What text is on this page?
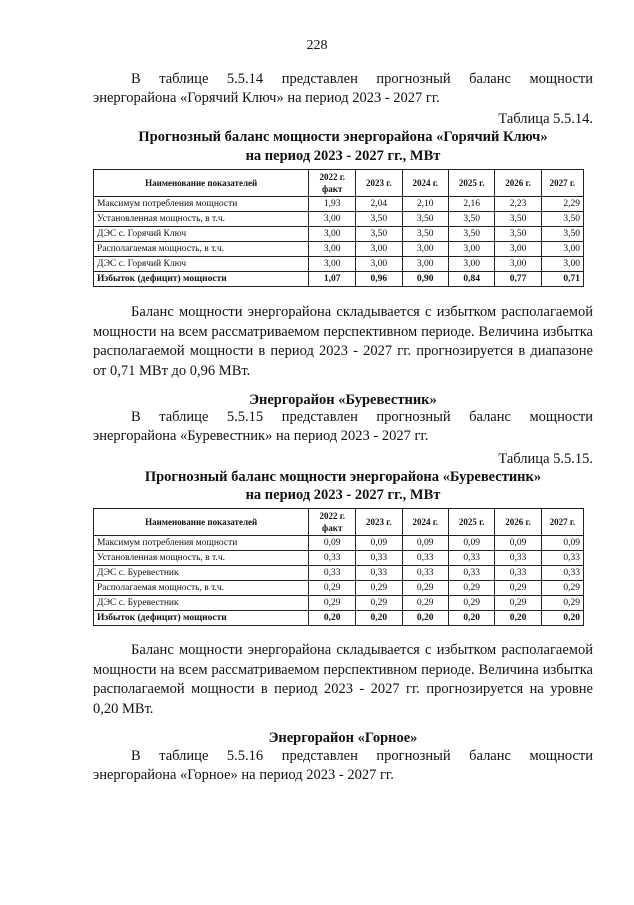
228
В таблице 5.5.14 представлен прогнозный баланс мощности
энергорайона «Горячий Ключ» на период 2023 - 2027 гг.
Таблица 5.5.14.
Прогнозный баланс мощности энергорайона «Горячий Ключ»
на период 2023 - 2027 гг., МВт
Наименование показателей	2022 г. факт	2023 г.	2024 г.	2025 г.	2026 г.	2027 г.
Максимум потребления мощности	1,93	2,04	2,10	2,16	2,23	2,29
Установленная мощность, в т.ч.	3,00	3,50	3,50	3,50	3,50	3,50
ДЭС с. Горячий Ключ	3,00	3,50	3,50	3,50	3,50	3,50
Располагаемая мощность, в т.ч.	3,00	3,00	3,00	3,00	3,00	3,00
ДЭС с. Горячий Ключ	3,00	3,00	3,00	3,00	3,00	3,00
Избыток (дефицит) мощности	1,07	0,96	0,90	0,84	0,77	0,71
Баланс мощности энергорайона складывается с избытком располагаемой мощности на всем рассматриваемом перспективном периоде. Величина избытка располагаемой мощности в период 2023 - 2027 гг. прогнозируется в диапазоне от 0,71 МВт до 0,96 МВт.
Энергорайон «Буревестник»
В таблице 5.5.15 представлен прогнозный баланс мощности
энергорайона «Буревестник» на период 2023 - 2027 гг.
Таблица 5.5.15.
Прогнозный баланс мощности энергорайона «Буревестинк»
на период 2023 - 2027 гг., МВт
Наименование показателей	2022 г. факт	2023 г.	2024 г.	2025 г.	2026 г.	2027 г.
Максимум потребления мощности	0,09	0,09	0,09	0,09	0,09	0,09
Установленная мощность, в т.ч.	0,33	0,33	0,33	0,33	0,33	0,33
ДЭС с. Буревестник	0,33	0,33	0,33	0,33	0,33	0,33
Располагаемая мощность, в т.ч.	0,29	0,29	0,29	0,29	0,29	0,29
ДЭС с. Буревестник	0,29	0,29	0,29	0,29	0,29	0,29
Избыток (дефицит) мощности	0,20	0,20	0,20	0,20	0,20	0,20
Баланс мощности энергорайона складывается с избытком располагаемой мощности на всем рассматриваемом перспективном периоде. Величина избытка располагаемой мощности в период 2023 - 2027 гг. прогнозируется на уровне 0,20 МВт.
Энергорайон «Горное»
В таблице 5.5.16 представлен прогнозный баланс мощности
энергорайона «Горное» на период 2023 - 2027 гг.
